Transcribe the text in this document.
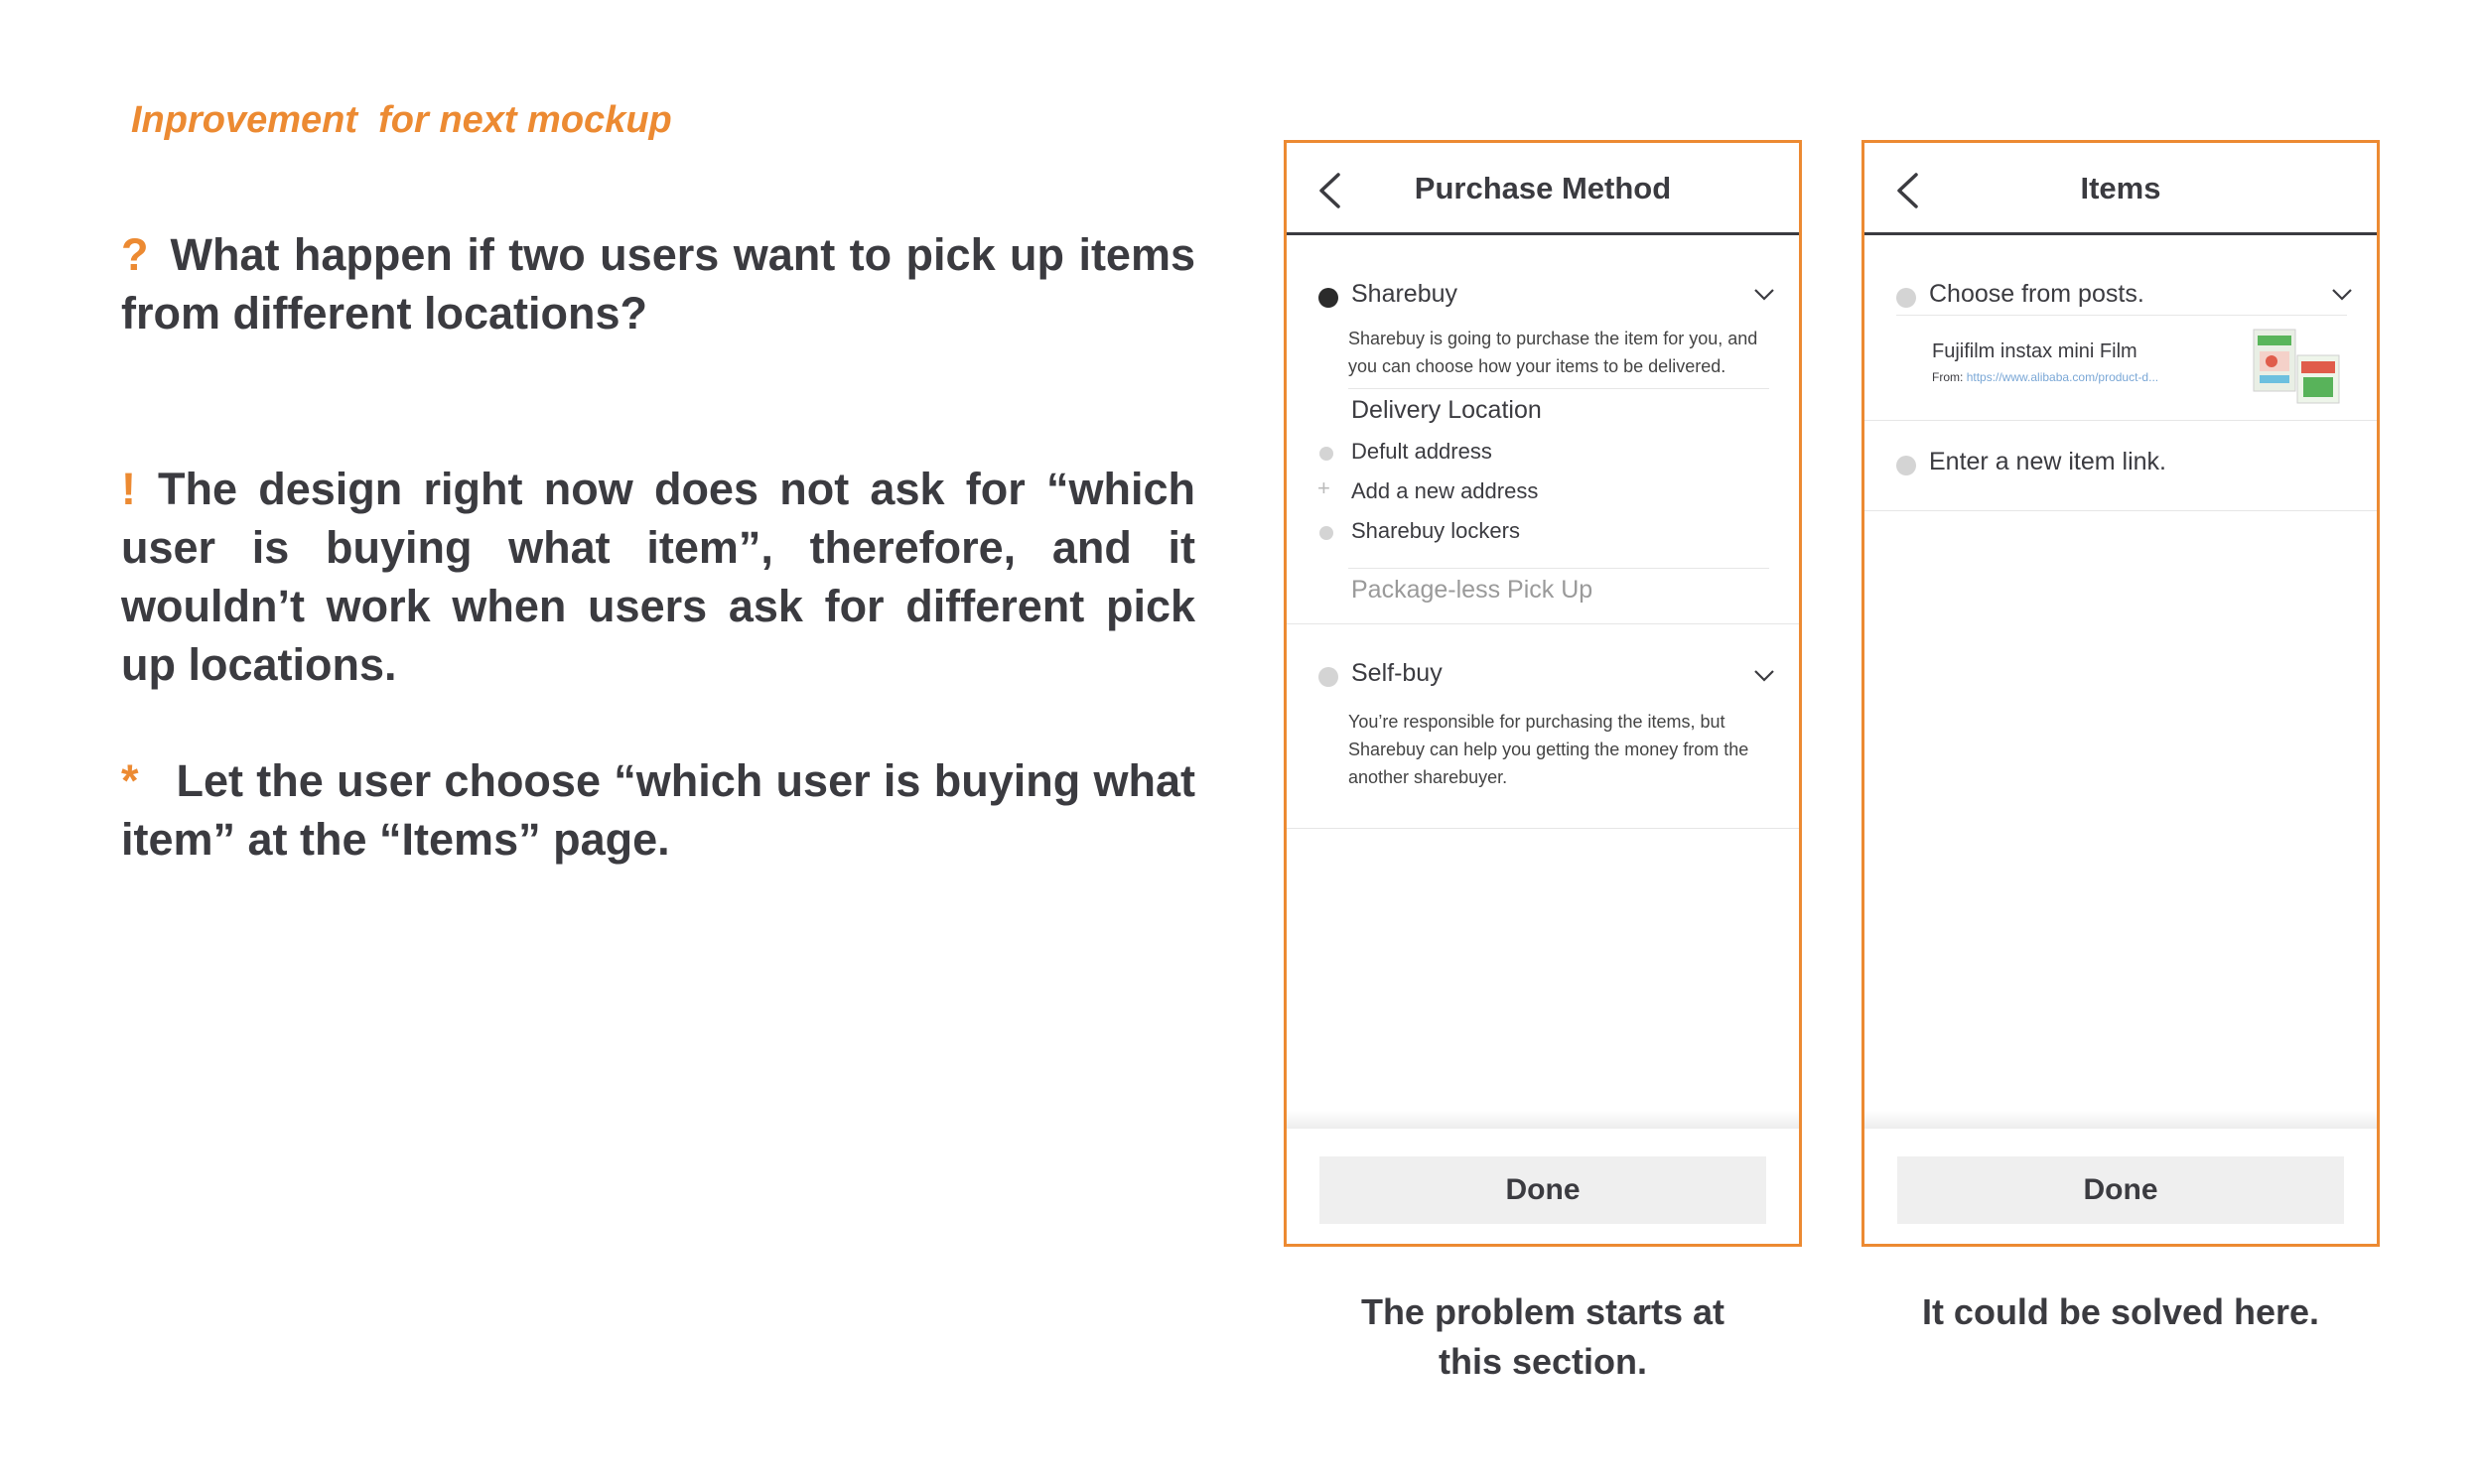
Inprovement  for next mockup
? What happen if two users want to pick up items from different locations?
! The design right now does not ask for “which user is buying what item”, therefore, and it wouldn’t work when users ask for different pick up locations.
* Let the user choose “which user is buying what item” at the “Items” page.
Purchase Method
Sharebuy
Sharebuy is going to purchase the item for you, and you can choose how your items to be delivered.
Delivery Location
Defult address
+ Add a new address
Sharebuy lockers
Package-less Pick Up
Self-buy
You’re responsible for purchasing the items, but Sharebuy can help you getting the money from the another sharebuyer.
Done
Items
Choose from posts.
Fujifilm instax mini Film
From: https://www.alibaba.com/product-d...
Enter a new item link.
Done
The problem starts at this section.
It could be solved here.
